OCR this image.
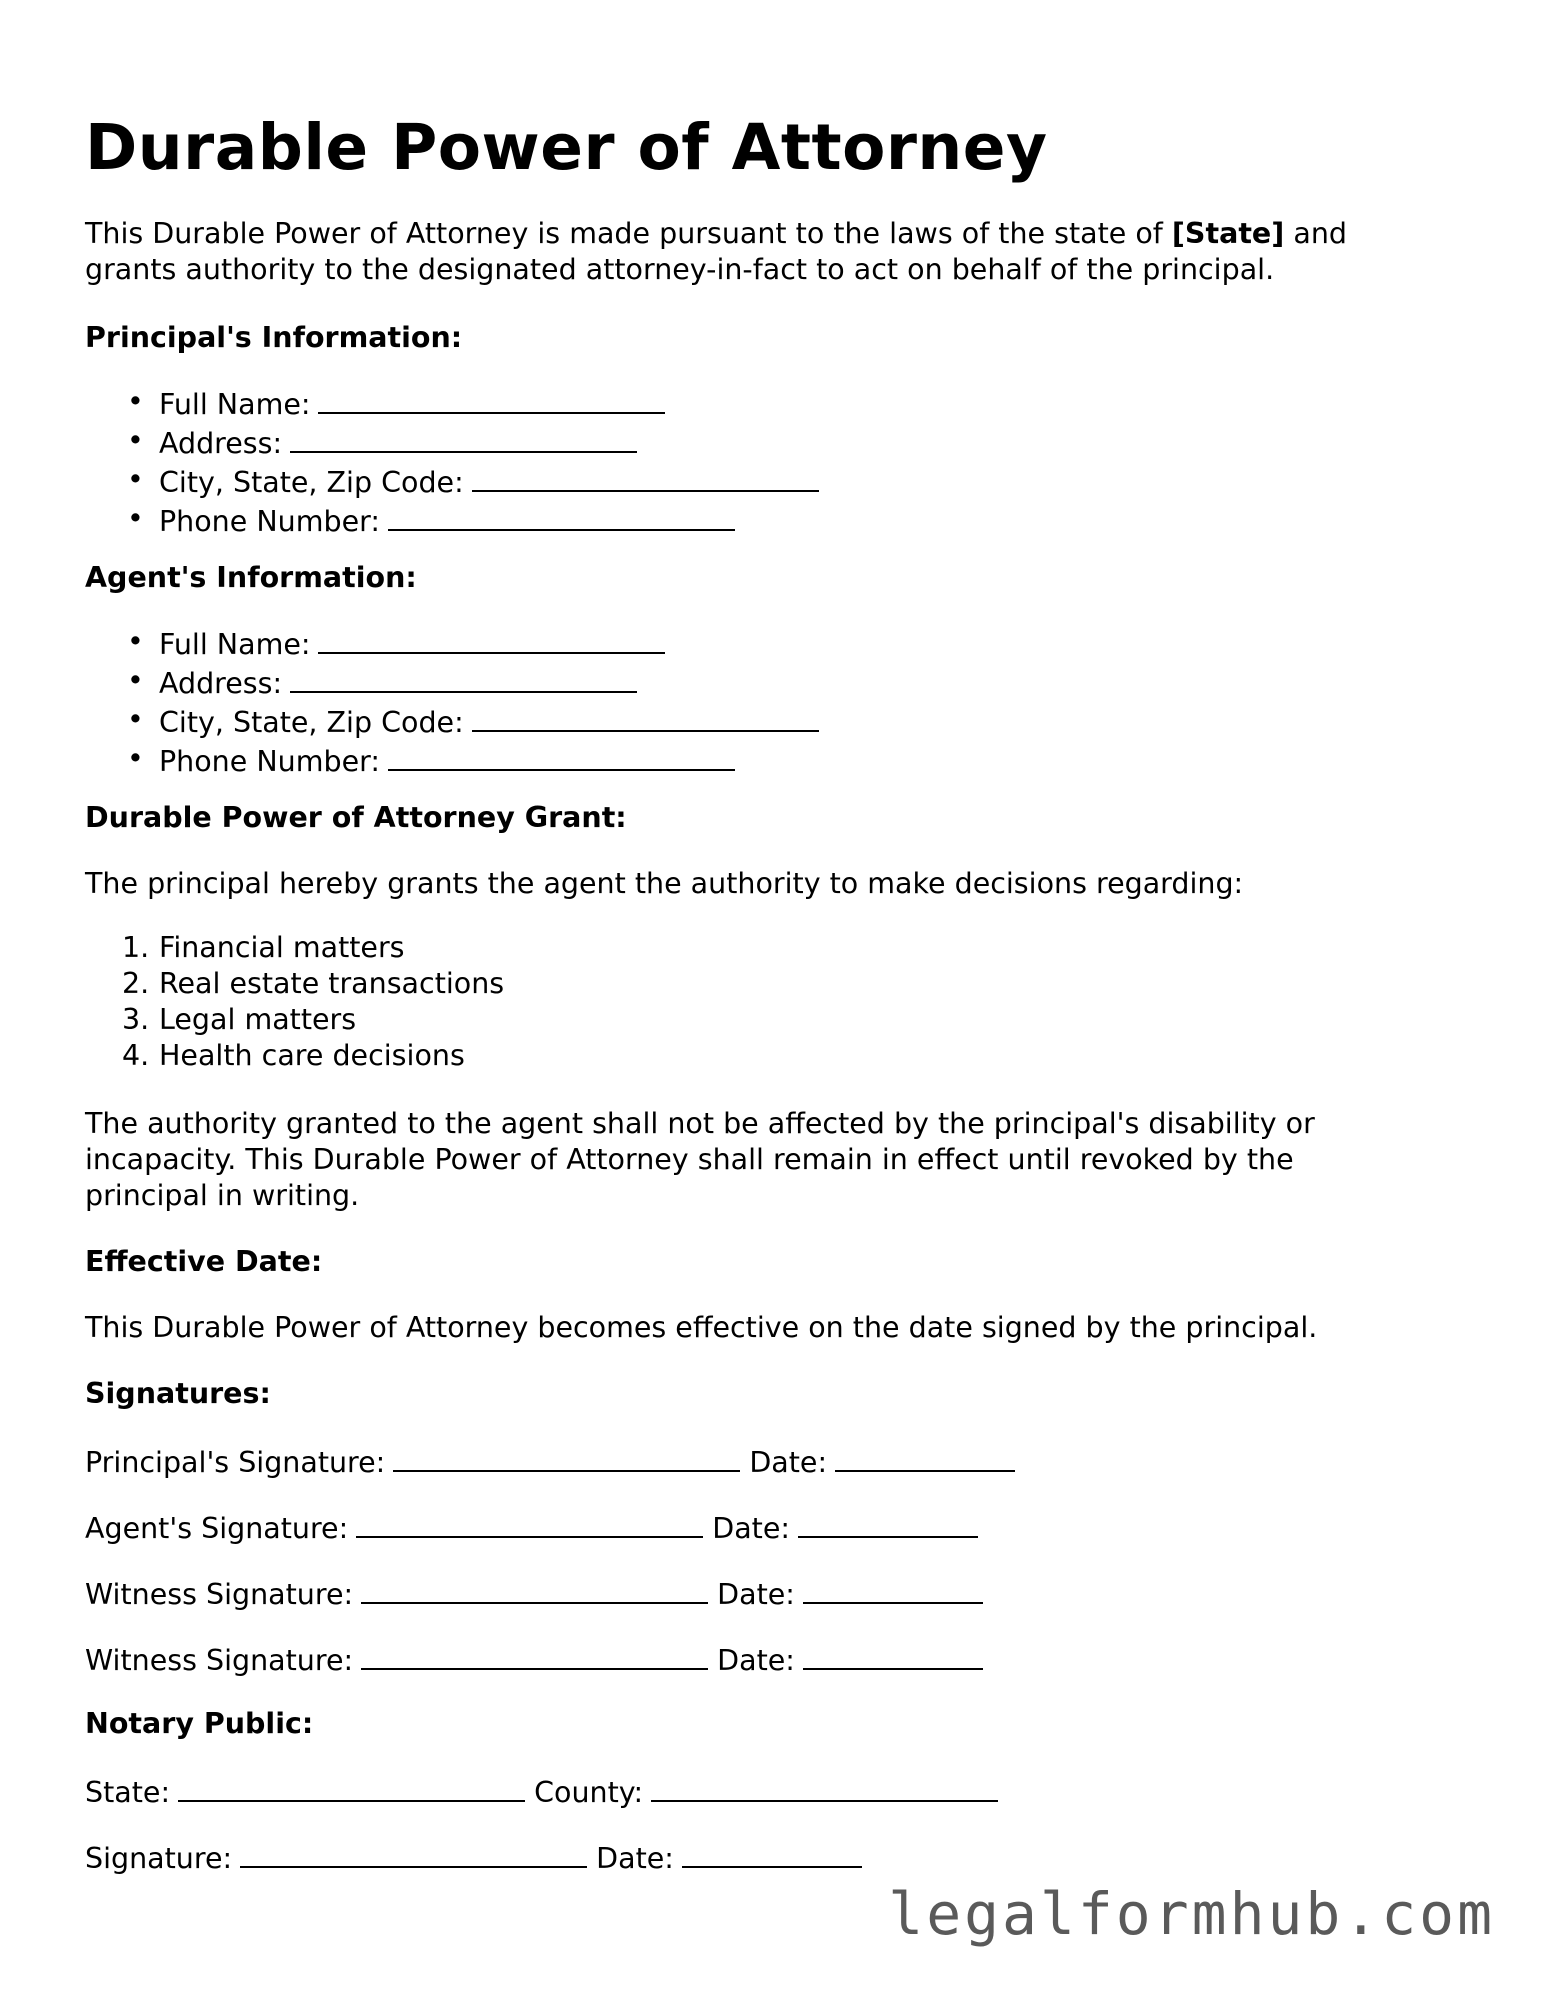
Durable Power of Attorney
This Durable Power of Attorney is made pursuant to the laws of the state of [State] and
grants authority to the designated attorney-in-fact to act on behalf of the principal.
Principal's Information:
• Full Name:
• Address:
• City, State, Zip Code:
• Phone Number:
Agent's Information:
• Full Name:
• Address:
• City, State, Zip Code:
• Phone Number:
Durable Power of Attorney Grant:
The principal hereby grants the agent the authority to make decisions regarding:
1. Financial matters
2. Real estate transactions
3. Legal matters
4. Health care decisions
The authority granted to the agent shall not be affected by the principal's disability or
incapacity. This Durable Power of Attorney shall remain in effect until revoked by the
principal in writing.
Effective Date:
This Durable Power of Attorney becomes effective on the date signed by the principal.
Signatures:
Principal's Signature:	Date:
Agent's Signature:	Date:
Witness Signature:	Date:
Witness Signature:	Date:
Notary Public:
State:	County:
Signature:	Date:
legalformhub.com
